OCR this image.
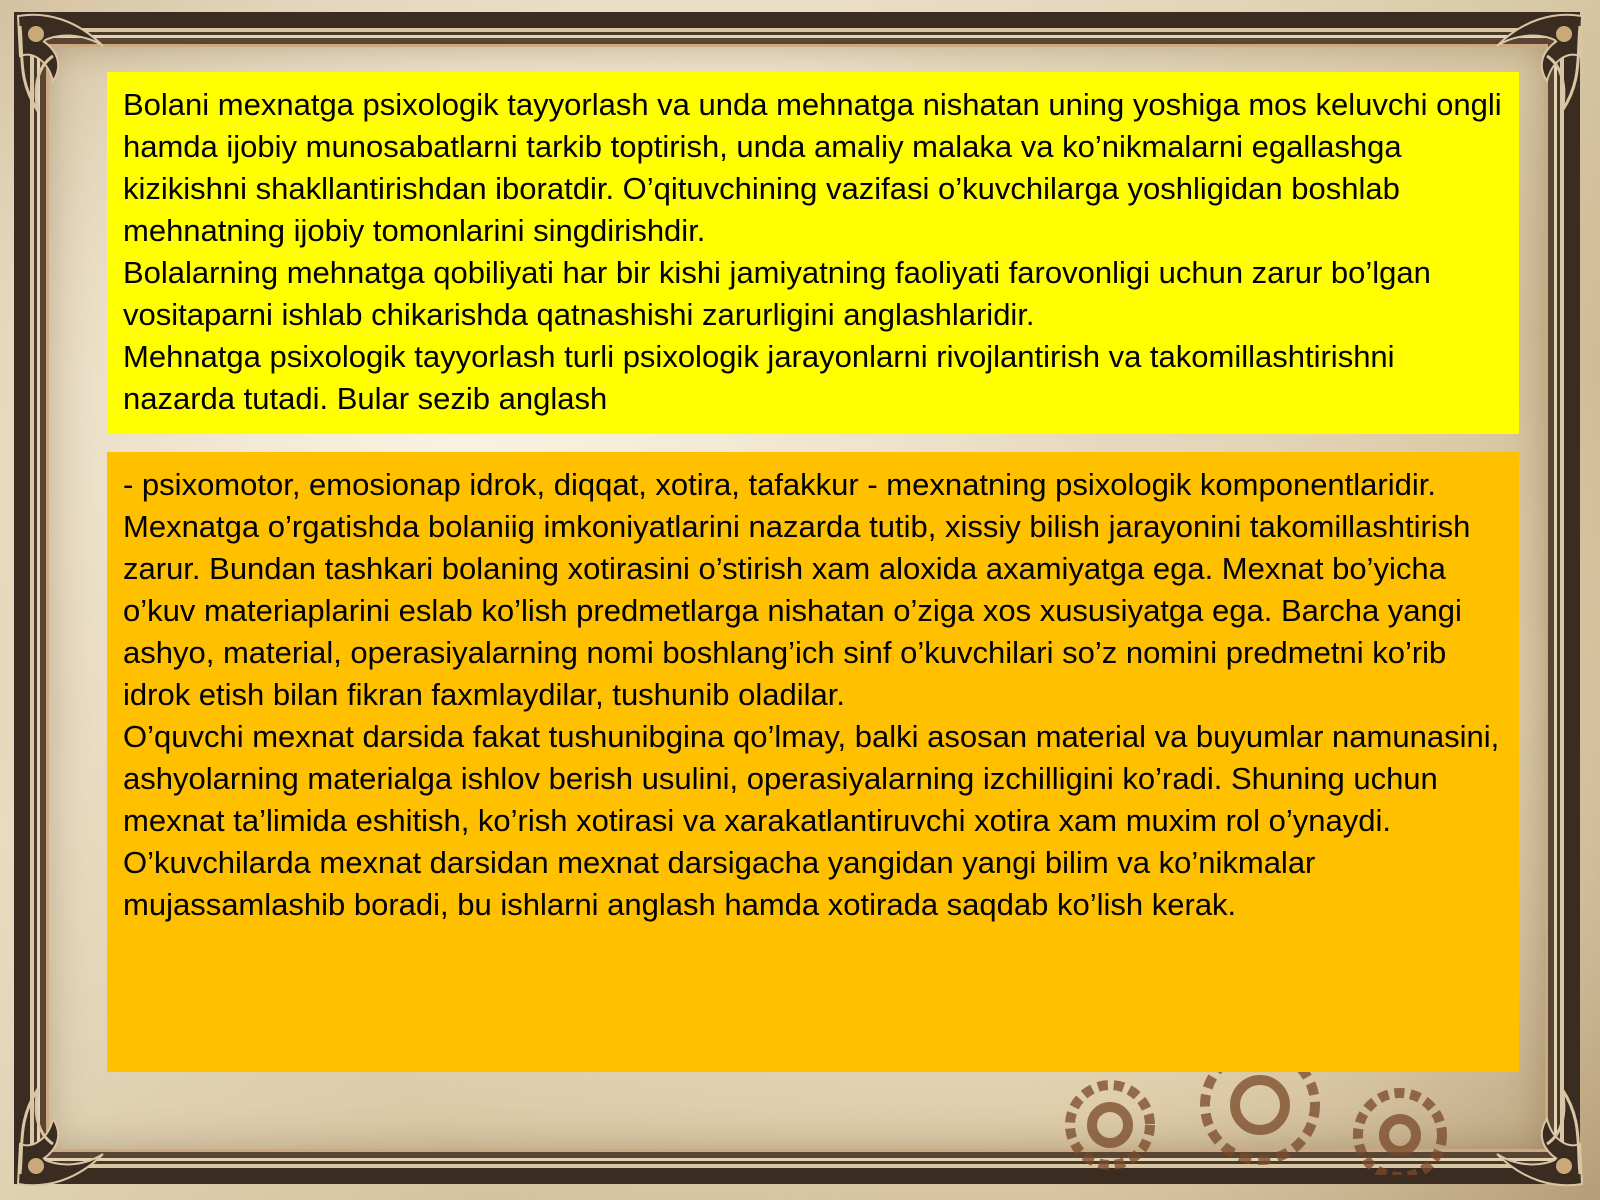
Bolani mexnatga psixologik tayyorlash va unda mehnatga nishatan uning yoshiga mos keluvchi ongli hamda ijobiy munosabatlarni tarkib toptirish, unda amaliy malaka va ko’nikmalarni egallashga kizikishni shakllantirishdan iboratdir. O’qituvchining vazifasi o’kuvchilarga yoshligidan boshlab mehnatning ijobiy tomonlarini singdirishdir.

Bolalarning mehnatga qobiliyati har bir kishi jamiyatning faoliyati farovonligi uchun zarur bo’lgan vositaparni ishlab chikarishda qatnashishi zarurligini anglashlaridir.

Mehnatga psixologik tayyorlash turli psixologik jarayonlarni rivojlantirish va takomillashtirishni nazarda tutadi. Bular sezib anglash

- psixomotor, emosionap idrok, diqqat, xotira, tafakkur - mexnatning psixologik komponentlaridir.

Mexnatga o’rgatishda bolaniig imkoniyatlarini nazarda tutib, xissiy bilish jarayonini takomillashtirish zarur. Bundan tashkari bolaning xotirasini o’stirish xam aloxida axamiyatga ega. Mexnat bo’yicha o’kuv materiaplarini eslab ko’lish predmetlarga nishatan o’ziga xos xususiyatga ega. Barcha yangi ashyo, material, operasiyalarning nomi boshlang’ich sinf o’kuvchilari so’z nomini predmetni ko’rib idrok etish bilan fikran faxmlaydilar, tushunib oladilar.

O’quvchi mexnat darsida fakat tushunibgina qo’lmay, balki asosan material va buyumlar namunasini, ashyolarning materialga ishlov berish usulini, operasiyalarning izchilligini ko’radi. Shuning uchun mexnat ta’limida eshitish, ko’rish xotirasi va xarakatlantiruvchi xotira xam muxim rol o’ynaydi. O’kuvchilarda mexnat darsidan mexnat darsigacha yangidan yangi bilim va ko’nikmalar mujassamlashib boradi, bu ishlarni anglash hamda xotirada saqdab ko’lish kerak.
